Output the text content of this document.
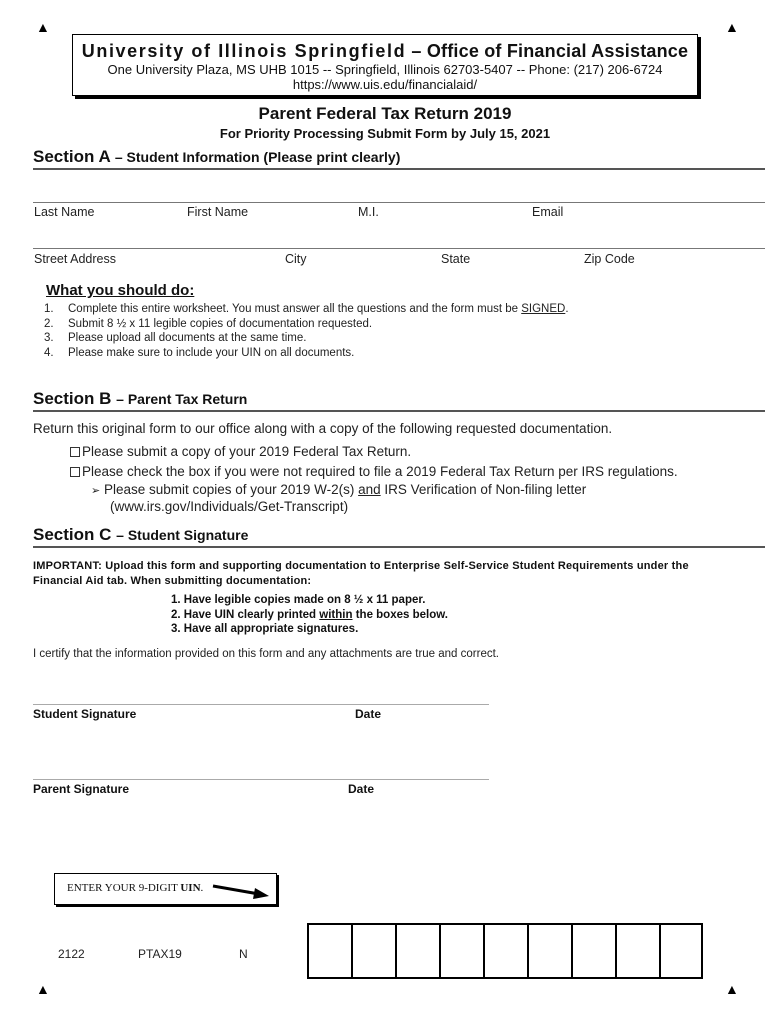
▲	▲
▲	▲
University of Illinois Springfield – Office of Financial Assistance
One University Plaza, MS UHB 1015 -- Springfield, Illinois 62703-5407 -- Phone: (217) 206-6724
https://www.uis.edu/financialaid/
Parent Federal Tax Return 2019
For Priority Processing Submit Form by July 15, 2021
Section A – Student Information (Please print clearly)
Last Name	First Name	M.I.	Email
Street Address	City	State	Zip Code
What you should do:
1. Complete this entire worksheet. You must answer all the questions and the form must be SIGNED.
2. Submit 8 ½ x 11 legible copies of documentation requested.
3. Please upload all documents at the same time.
4. Please make sure to include your UIN on all documents.
Section B – Parent Tax Return
Return this original form to our office along with a copy of the following requested documentation.
Please submit a copy of your 2019 Federal Tax Return.
Please check the box if you were not required to file a 2019 Federal Tax Return per IRS regulations.
➢ Please submit copies of your 2019 W-2(s) and IRS Verification of Non-filing letter
(www.irs.gov/Individuals/Get-Transcript)
Section C – Student Signature
IMPORTANT: Upload this form and supporting documentation to Enterprise Self-Service Student Requirements under the Financial Aid tab. When submitting documentation:
1. Have legible copies made on 8 ½ x 11 paper.
2. Have UIN clearly printed within the boxes below.
3. Have all appropriate signatures.
I certify that the information provided on this form and any attachments are true and correct.
Student Signature	Date
Parent Signature	Date
ENTER YOUR 9-DIGIT UIN.
2122	PTAX19	N
